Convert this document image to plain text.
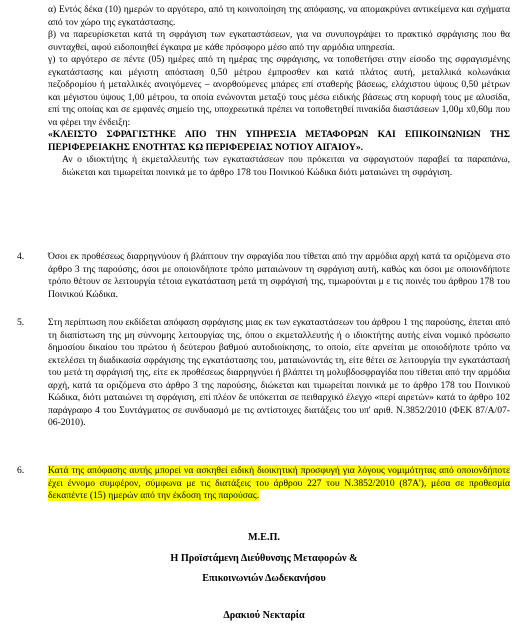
α) Εντός δέκα (10) ημερών το αργότερο, από τη κοινοποίηση της απόφασης, να απομακρύνει αντικείμενα και σχήματα από τον χώρο της εγκατάστασης.

β) να παρευρίσκεται κατά τη σφράγιση των εγκαταστάσεων, για να συνυπογράψει το πρακτικό σφράγισης που θα συνταχθεί, αφού ειδοποιηθεί έγκαιρα με κάθε πρόσφορο μέσο από την αρμόδια υπηρεσία.

γ) το αργότερο σε πέντε (05) ημέρες από τη ημέρας της σφράγισης, να τοποθετήσει στην είσοδο της σφραγισμένης εγκατάστασης και μέγιστη απόσταση 0,50 μέτρου έμπροσθεν και κατά πλάτος αυτή, μεταλλικά κολωνάκια πεζοδρομίου ή μεταλλικές ανοιγόμενες – ανορθούμενες μπάρες επί σταθερής βάσεως, ελάχιστου ύψους 0,50 μέτρων και μέγιστου ύψους 1,00 μέτρου, τα οποία ενώνονται μεταξύ τους μέσω ειδικής βάσεως στη κορυφή τους με αλυσίδα, επί της οποίας και σε εμφανές σημείο της, υποχρεωτικά πρέπει να τοποθετηθεί πινακίδα διαστάσεων 1,00μ x0,60μ που να φέρει την ένδειξη:

«ΚΛΕΙΣΤΟ ΣΦΡΑΓΙΣΤΗΚΕ ΑΠΟ ΤΗΝ ΥΠΗΡΕΣΙΑ ΜΕΤΑΦΟΡΩΝ ΚΑΙ ΕΠΙΚΟΙΝΩΝΙΩΝ ΤΗΣ ΠΕΡΙΦΕΡΕΙΑΚΗΣ ΕΝΟΤΗΤΑΣ ΚΩ ΠΕΡΙΦΕΡΕΙΑΣ ΝΟΤΙΟΥ ΑΙΓΑΙΟΥ».

Αν ο ιδιοκτήτης ή εκμεταλλευτής των εγκαταστάσεων που πρόκειται να σφραγιστούν παραβεί τα παραπάνω, διώκεται και τιμωρείται ποινικά με το άρθρο 178 του Ποινικού Κώδικα διότι ματαιώνει τη σφράγιση.

4.	Όσοι εκ προθέσεως διαρρηγνύουν ή βλάπτουν την σφραγίδα που τίθεται από την αρμόδια αρχή κατά τα οριζόμενα στο άρθρο 3 της παρούσης, όσοι με οποιονδήποτε τρόπο ματαιώνουν τη σφράγιση αυτή, καθώς και όσοι με οποιονδήποτε τρόπο θέτουν σε λειτουργία τέτοια εγκατάσταση μετά τη σφράγισή της, τιμωρούνται μ ε τις ποινές του άρθρου 178 του Ποινικού Κώδικα.

5.	Στη περίπτωση που εκδίδεται απόφαση σφράγισης μιας εκ των εγκαταστάσεων του άρθρου 1 της παρούσης, έπεται από τη διαπίστωση της μη σύννομης λειτουργίας της, όπου ο εκμεταλλευτής ή ο ιδιοκτήτης αυτής είναι νομικό πρόσωπο δημοσίου δικαίου του πρώτου ή δεύτερου βαθμού αυτοδιοίκησης, το οποίο, είτε αρνείται με οποιοδήποτε τρόπο να εκτελέσει τη διαδικασία σφράγισης της εγκατάστασης του, ματαιώνοντάς τη, είτε θέτει σε λειτουργία την εγκατάστασή του μετά τη σφράγισή της, είτε εκ προθέσεως διαρρηγνύει ή βλάπτει τη μολυβδοσφραγίδα που τίθεται από την αρμόδια αρχή, κατά τα οριζόμενα στο άρθρο 3 της παρούσης, διώκεται και τιμωρείται ποινικά με το άρθρο 178 του Ποινικού Κώδικα, διότι ματαιώνει τη σφράγιση, επί πλέον δε υπόκειται σε πειθαρχικό έλεγχο «περί αιρετών» κατά το άρθρο 102 παράγραφο 4 του Συντάγματος σε συνδυασμό με τις αντίστοιχες διατάξεις του υπ' αριθ. Ν.3852/2010 (ΦΕΚ 87/Α/07-06-2010).

6.	Κατά της απόφασης αυτής μπορεί να ασκηθεί ειδική διοικητική προσφυγή για λόγους νομιμότητας από οποιονδήποτε έχει έννομο συμφέρον, σύμφωνα με τις διατάξεις του άρθρου 227 του Ν.3852/2010 (87Α'), μέσα σε προθεσμία δεκαπέντε (15) ημερών από την έκδοση της παρούσας.

Μ.Ε.Π.
Η Προϊστάμενη Διεύθυνσης Μεταφορών &
Επικοινωνιών Δωδεκανήσου
Δρακιού Νεκταρία
